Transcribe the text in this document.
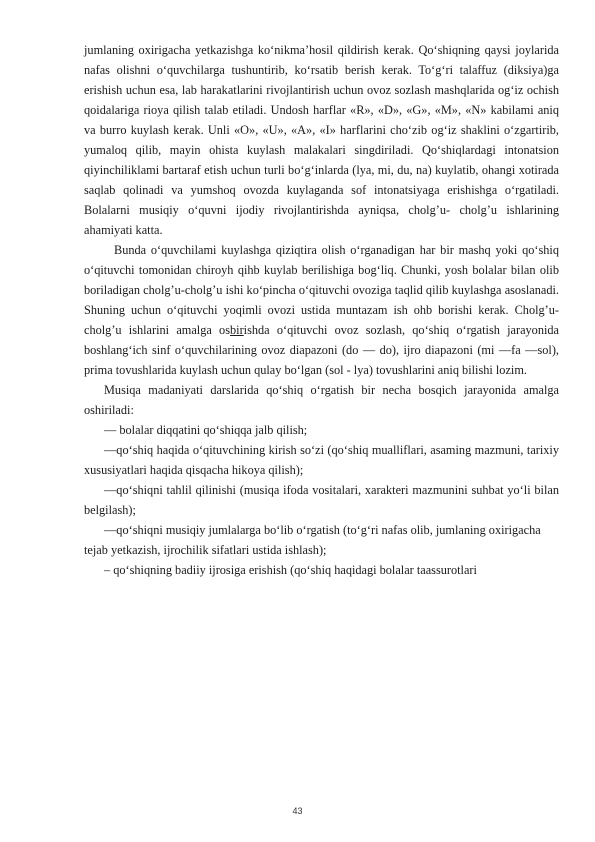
jumlaning oxirigacha yetkazishga ko‘nikma’hosil qildirish kerak. Qo‘shiqning qaysi joylarida nafas olishni o‘quvchilarga tushuntirib, ko‘rsatib berish kerak. To‘g‘ri talaffuz (diksiya)ga erishish uchun esa, lab harakatlarini rivojlantirish uchun ovoz sozlash mashqlarida og‘iz ochish qoidalariga rioya qilish talab etiladi. Undosh harflar «R», «D», «G», «M», «N» kabilami aniq va burro kuylash kerak. Unli «O», «U», «A», «I» harflarini cho‘zib og‘iz shaklini o‘zgartirib, yumaloq qilib, mayin ohista kuylash malakalari singdiriladi. Qo‘shiqlardagi intonatsion qiyinchiliklami bartaraf etish uchun turli bo‘g‘inlarda (lya, mi, du, na) kuylatib, ohangi xotirada saqlab qolinadi va yumshoq ovozda kuylaganda sof intonatsiyaga erishishga o‘rgatiladi. Bolalarni musiqiy o‘quvni ijodiy rivojlantirishda ayniqsa, cholg’u- cholg’u ishlarining ahamiyati katta.

Bunda o‘quvchilami kuylashga qiziqtira olish o‘rganadigan har bir mashq yoki qo‘shiq o‘qituvchi tomonidan chiroyh qihb kuylab berilishiga bog‘liq. Chunki, yosh bolalar bilan olib boriladigan cholg’u-cholg’u ishi ko‘pincha o‘qituvchi ovoziga taqlid qilib kuylashga asoslanadi. Shuning uchun o‘qituvchi yoqimli ovozi ustida muntazam ish ohb borishi kerak. Cholg’u-cholg’u ishlarini amalga osbirishda o‘qituvchi ovoz sozlash, qo‘shiq o‘rgatish jarayonida boshlang‘ich sinf o‘quvchilarining ovoz diapazoni (do — do), ijro diapazoni (mi —fa —sol), prima tovushlarida kuylash uchun qulay bo‘lgan (sol - lya) tovushlarini aniq bilishi lozim.

Musiqa madaniyati darslarida qo‘shiq o‘rgatish bir necha bosqich jarayonida amalga oshiriladi:

— bolalar diqqatini qo‘shiqqa jalb qilish;

—qo‘shiq haqida o‘qituvchining kirish so‘zi (qo‘shiq mualliflari, asaming mazmuni, tarixiy xususiyatlari haqida qisqacha hikoya qilish);

—qo‘shiqni tahlil qilinishi (musiqa ifoda vositalari, xarakteri mazmunini suhbat yo‘li bilan belgilash);

—qo‘shiqni musiqiy jumlalarga bo‘lib o‘rgatish (to‘g‘ri nafas olib, jumlaning oxirigacha tejab yetkazish, ijrochilik sifatlari ustida ishlash);

– qo‘shiqning badiiy ijrosiga erishish (qo‘shiq haqidagi bolalar taassurotlari

43
